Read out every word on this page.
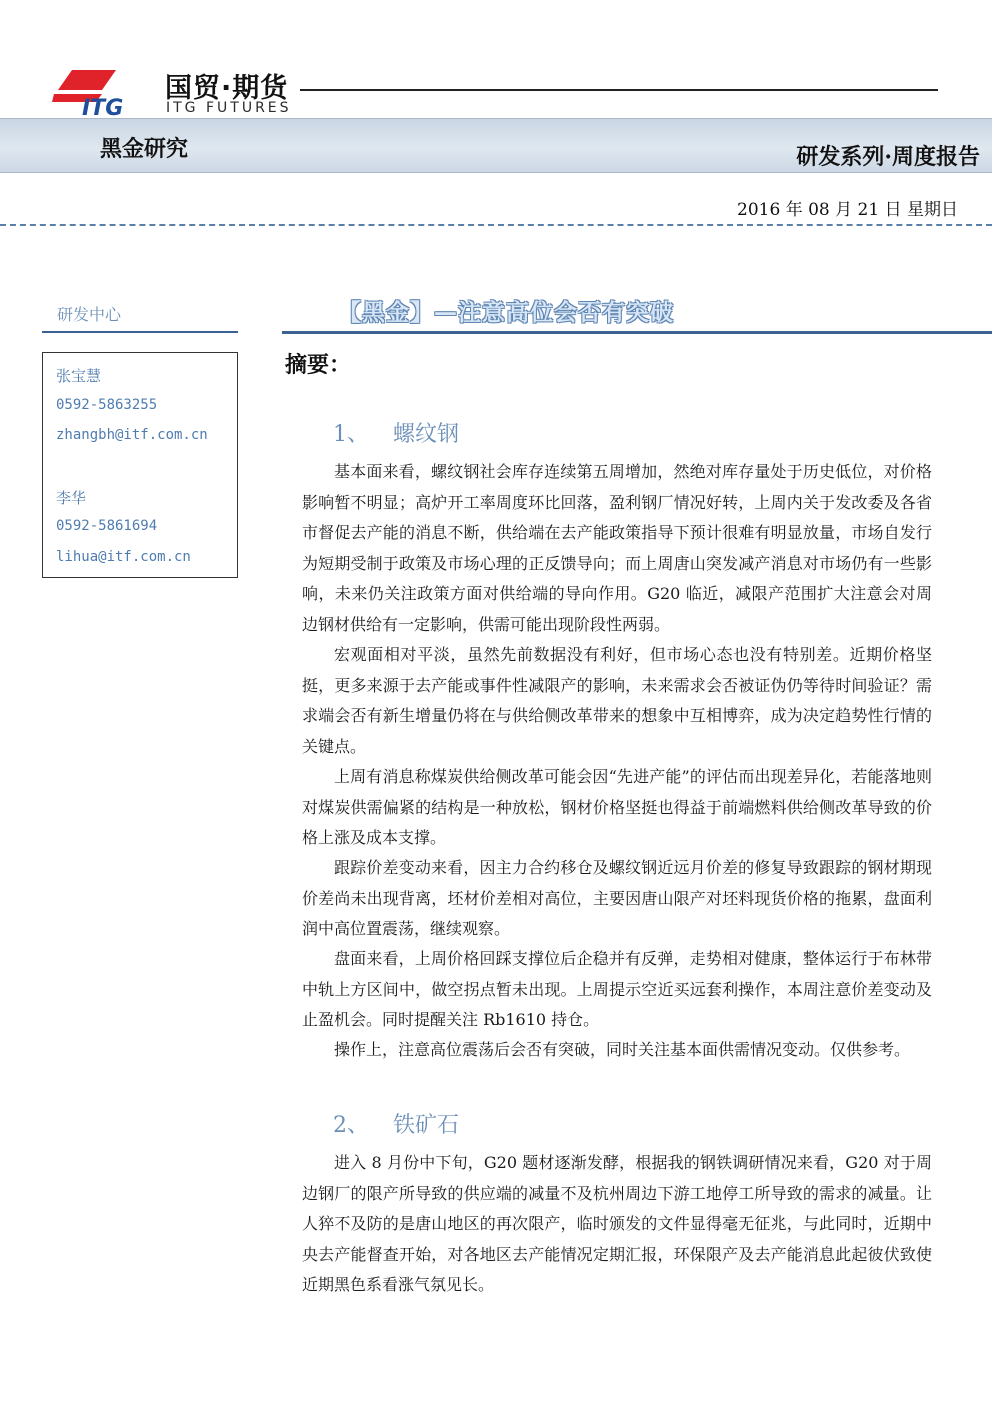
ITG
国贸·期货
ITG FUTURES
黑金研究	研发系列·周度报告
2016 年 08 月 21 日 星期日
研发中心
张宝慧
0592-5863255
zhangbh@itf.com.cn
李华
0592-5861694
lihua@itf.com.cn
【黑金】—注意高位会否有突破
摘要：
1、 螺纹钢

基本面来看，螺纹钢社会库存连续第五周增加，然绝对库存量处于历史低位，对价格影响暂不明显；高炉开工率周度环比回落，盈利钢厂情况好转，上周内关于发改委及各省市督促去产能的消息不断，供给端在去产能政策指导下预计很难有明显放量，市场自发行为短期受制于政策及市场心理的正反馈导向；而上周唐山突发减产消息对市场仍有一些影响，未来仍关注政策方面对供给端的导向作用。G20 临近，减限产范围扩大注意会对周边钢材供给有一定影响，供需可能出现阶段性两弱。

宏观面相对平淡，虽然先前数据没有利好，但市场心态也没有特别差。近期价格坚挺，更多来源于去产能或事件性减限产的影响，未来需求会否被证伪仍等待时间验证？需求端会否有新生增量仍将在与供给侧改革带来的想象中互相博弈，成为决定趋势性行情的关键点。

上周有消息称煤炭供给侧改革可能会因“先进产能”的评估而出现差异化，若能落地则对煤炭供需偏紧的结构是一种放松，钢材价格坚挺也得益于前端燃料供给侧改革导致的价格上涨及成本支撑。

跟踪价差变动来看，因主力合约移仓及螺纹钢近远月价差的修复导致跟踪的钢材期现价差尚未出现背离，坯材价差相对高位，主要因唐山限产对坯料现货价格的拖累，盘面利润中高位置震荡，继续观察。

盘面来看，上周价格回踩支撑位后企稳并有反弹，走势相对健康，整体运行于布林带中轨上方区间中，做空拐点暂未出现。上周提示空近买远套利操作，本周注意价差变动及止盈机会。同时提醒关注 Rb1610 持仓。

操作上，注意高位震荡后会否有突破，同时关注基本面供需情况变动。仅供参考。

2、 铁矿石

进入 8 月份中下旬，G20 题材逐渐发酵，根据我的钢铁调研情况来看，G20 对于周边钢厂的限产所导致的供应端的减量不及杭州周边下游工地停工所导致的需求的减量。让人猝不及防的是唐山地区的再次限产，临时颁发的文件显得毫无征兆，与此同时，近期中央去产能督查开始，对各地区去产能情况定期汇报，环保限产及去产能消息此起彼伏致使近期黑色系看涨气氛见长。
